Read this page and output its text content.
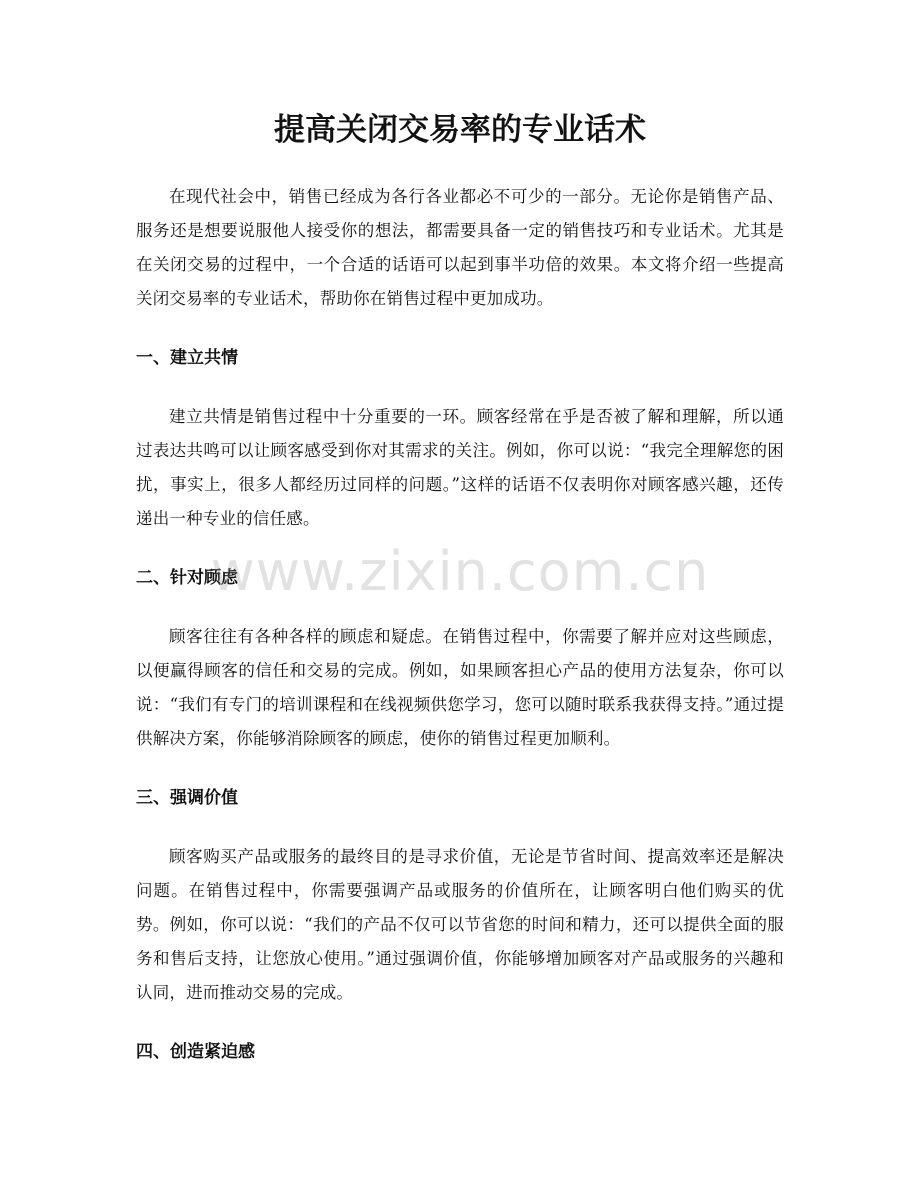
提高关闭交易率的专业话术

在现代社会中，销售已经成为各行各业都必不可少的一部分。无论你是销售产品、服务还是想要说服他人接受你的想法，都需要具备一定的销售技巧和专业话术。尤其是在关闭交易的过程中，一个合适的话语可以起到事半功倍的效果。本文将介绍一些提高关闭交易率的专业话术，帮助你在销售过程中更加成功。

一、建立共情

建立共情是销售过程中十分重要的一环。顾客经常在乎是否被了解和理解，所以通过表达共鸣可以让顾客感受到你对其需求的关注。例如，你可以说：“我完全理解您的困扰，事实上，很多人都经历过同样的问题。”这样的话语不仅表明你对顾客感兴趣，还传递出一种专业的信任感。

二、针对顾虑

顾客往往有各种各样的顾虑和疑虑。在销售过程中，你需要了解并应对这些顾虑，以便赢得顾客的信任和交易的完成。例如，如果顾客担心产品的使用方法复杂，你可以说：“我们有专门的培训课程和在线视频供您学习，您可以随时联系我获得支持。”通过提供解决方案，你能够消除顾客的顾虑，使你的销售过程更加顺利。

三、强调价值

顾客购买产品或服务的最终目的是寻求价值，无论是节省时间、提高效率还是解决问题。在销售过程中，你需要强调产品或服务的价值所在，让顾客明白他们购买的优势。例如，你可以说：“我们的产品不仅可以节省您的时间和精力，还可以提供全面的服务和售后支持，让您放心使用。”通过强调价值，你能够增加顾客对产品或服务的兴趣和认同，进而推动交易的完成。

四、创造紧迫感
www.zixin.com.cn
